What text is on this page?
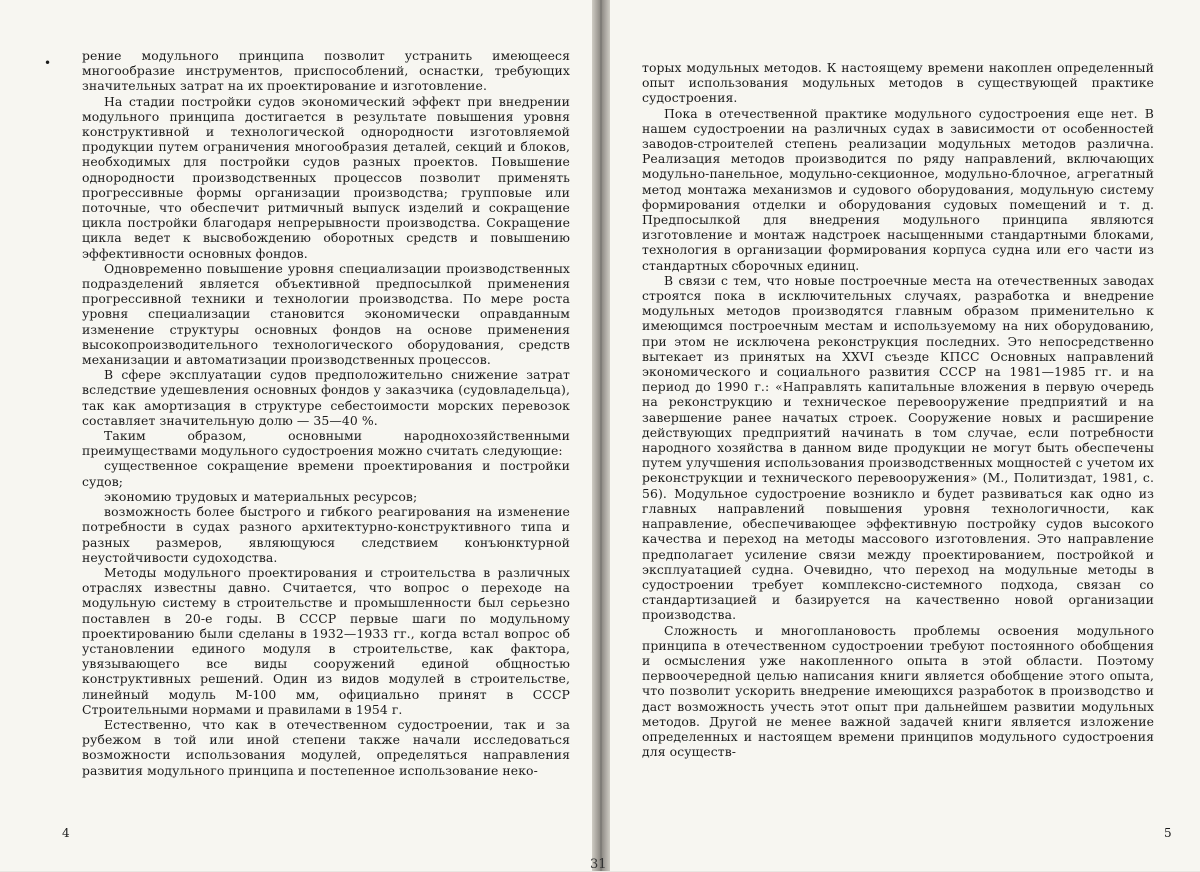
• рение модульного принципа позволит устранить имеющееся многообразие инструментов, приспособлений, оснастки, требующих значительных затрат на их проектирование и изготовление.

На стадии постройки судов экономический эффект при внедрении модульного принципа достигается в результате повышения уровня конструктивной и технологической однородности изготовляемой продукции путем ограничения многообразия деталей, секций и блоков, необходимых для постройки судов разных проектов. Повышение однородности производственных процессов позволит применять прогрессивные формы организации производства; групповые или поточные, что обеспечит ритмичный выпуск изделий и сокращение цикла постройки благодаря непрерывности производства. Сокращение цикла ведет к высвобождению оборотных средств и повышению эффективности основных фондов.

Одновременно повышение уровня специализации производственных подразделений является объективной предпосылкой применения прогрессивной техники и технологии производства. По мере роста уровня специализации становится экономически оправданным изменение структуры основных фондов на основе применения высокопроизводительного технологического оборудования, средств механизации и автоматизации производственных процессов.

В сфере эксплуатации судов предположительно снижение затрат вследствие удешевления основных фондов у заказчика (судовладельца), так как амортизация в структуре себестоимости морских перевозок составляет значительную долю — 35—40 %.

Таким образом, основными народнохозяйственными преимуществами модульного судостроения можно считать следующие:

существенное сокращение времени проектирования и постройки судов;

экономию трудовых и материальных ресурсов;

возможность более быстрого и гибкого реагирования на изменение потребности в судах разного архитектурно-конструктивного типа и разных размеров, являющуюся следствием конъюнктурной неустойчивости судоходства.

Методы модульного проектирования и строительства в различных отраслях известны давно. Считается, что вопрос о переходе на модульную систему в строительстве и промышленности был серьезно поставлен в 20-е годы. В СССР первые шаги по модульному проектированию были сделаны в 1932—1933 гг., когда встал вопрос об установлении единого модуля в строительстве, как фактора, увязывающего все виды сооружений единой общностью конструктивных решений. Один из видов модулей в строительстве, линейный модуль М-100 мм, официально принят в СССР Строительными нормами и правилами в 1954 г.

Естественно, что как в отечественном судостроении, так и за рубежом в той или иной степени также начали исследоваться возможности использования модулей, определяться направления развития модульного принципа и постепенное использование неко-

4

торых модульных методов. К настоящему времени накоплен определенный опыт использования модульных методов в существующей практике судостроения.

Пока в отечественной практике модульного судостроения еще нет. В нашем судостроении на различных судах в зависимости от особенностей заводов-строителей степень реализации модульных методов различна. Реализация методов производится по ряду направлений, включающих модульно-панельное, модульно-секционное, модульно-блочное, агрегатный метод монтажа механизмов и судового оборудования, модульную систему формирования отделки и оборудования судовых помещений и т. д. Предпосылкой для внедрения модульного принципа являются изготовление и монтаж надстроек насыщенными стандартными блоками, технология в организации формирования корпуса судна или его части из стандартных сборочных единиц.

В связи с тем, что новые построечные места на отечественных заводах строятся пока в исключительных случаях, разработка и внедрение модульных методов производятся главным образом применительно к имеющимся построечным местам и используемому на них оборудованию, при этом не исключена реконструкция последних. Это непосредственно вытекает из принятых на XXVI съезде КПСС Основных направлений экономического и социального развития СССР на 1981—1985 гг. и на период до 1990 г.: «Направлять капитальные вложения в первую очередь на реконструкцию и техническое перевооружение предприятий и на завершение ранее начатых строек. Сооружение новых и расширение действующих предприятий начинать в том случае, если потребности народного хозяйства в данном виде продукции не могут быть обеспечены путем улучшения использования производственных мощностей с учетом их реконструкции и технического перевооружения» (М., Политиздат, 1981, с. 56). Модульное судостроение возникло и будет развиваться как одно из главных направлений повышения уровня технологичности, как направление, обеспечивающее эффективную постройку судов высокого качества и переход на методы массового изготовления. Это направление предполагает усиление связи между проектированием, постройкой и эксплуатацией судна. Очевидно, что переход на модульные методы в судостроении требует комплексно-системного подхода, связан со стандартизацией и базируется на качественно новой организации производства.

Сложность и многоплановость проблемы освоения модульного принципа в отечественном судостроении требуют постоянного обобщения и осмысления уже накопленного опыта в этой области. Поэтому первоочередной целью написания книги является обобщение этого опыта, что позволит ускорить внедрение имеющихся разработок в производство и даст возможность учесть этот опыт при дальнейшем развитии модульных методов. Другой не менее важной задачей книги является изложение определенных и настоящем времени принципов модульного судостроения для осуществ-

5
31
